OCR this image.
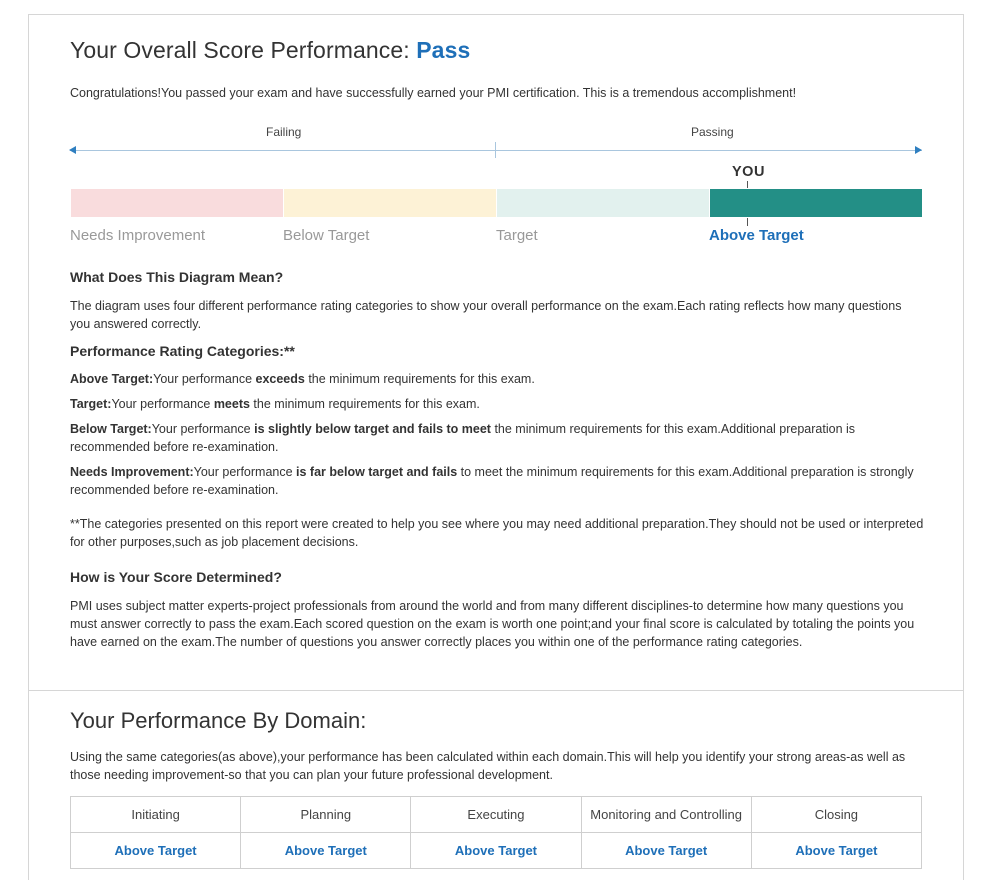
Your Overall Score Performance: Pass
Congratulations!You passed your exam and have successfully earned your PMI certification. This is a tremendous accomplishment!
Failing	Passing
YOU
Needs Improvement	Below Target	Target	Above Target
What Does This Diagram Mean?
The diagram uses four different performance rating categories to show your overall performance on the exam.Each rating reflects how many questions you answered correctly.
Performance Rating Categories:**
Above Target:Your performance exceeds the minimum requirements for this exam.
Target:Your performance meets the minimum requirements for this exam.
Below Target:Your performance is slightly below target and fails to meet the minimum requirements for this exam.Additional preparation is recommended before re-examination.
Needs Improvement:Your performance is far below target and fails to meet the minimum requirements for this exam.Additional preparation is strongly recommended before re-examination.
**The categories presented on this report were created to help you see where you may need additional preparation.They should not be used or interpreted for other purposes,such as job placement decisions.
How is Your Score Determined?
PMI uses subject matter experts-project professionals from around the world and from many different disciplines-to determine how many questions you must answer correctly to pass the exam.Each scored question on the exam is worth one point;and your final score is calculated by totaling the points you have earned on the exam.The number of questions you answer correctly places you within one of the performance rating categories.
Your Performance By Domain:
Using the same categories(as above),your performance has been calculated within each domain.This will help you identify your strong areas-as well as those needing improvement-so that you can plan your future professional development.
Initiating	Planning	Executing	Monitoring and Controlling	Closing
Above Target	Above Target	Above Target	Above Target	Above Target
